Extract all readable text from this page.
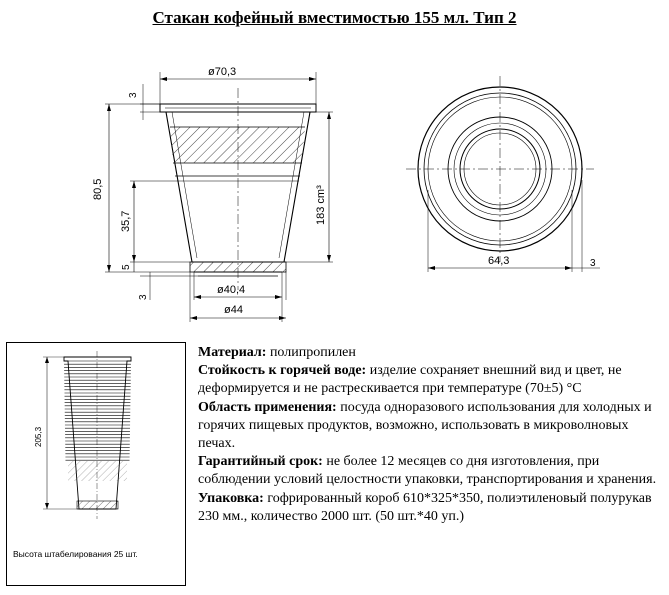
Стакан кофейный вместимостью 155 мл. Тип 2
ø70,3
3
80,5
35,7
5
3
183 cm³
ø40,4
ø44
64,3	3
205,3
Высота штабелирования 25 шт.

Материал: полипропилен

Стойкость к горячей воде: изделие сохраняет внешний вид и цвет, не деформируется и не растрескивается при температуре (70±5) °С

Область применения: посуда одноразового использования для холодных и горячих пищевых продуктов, возможно, использовать в микроволновых печах.

Гарантийный срок: не более 12 месяцев со дня изготовления, при соблюдении условий целостности упаковки, транспортирования и хранения.

Упаковка: гофрированный короб 610*325*350, полиэтиленовый полурукав 230 мм., количество 2000 шт. (50 шт.*40 уп.)
